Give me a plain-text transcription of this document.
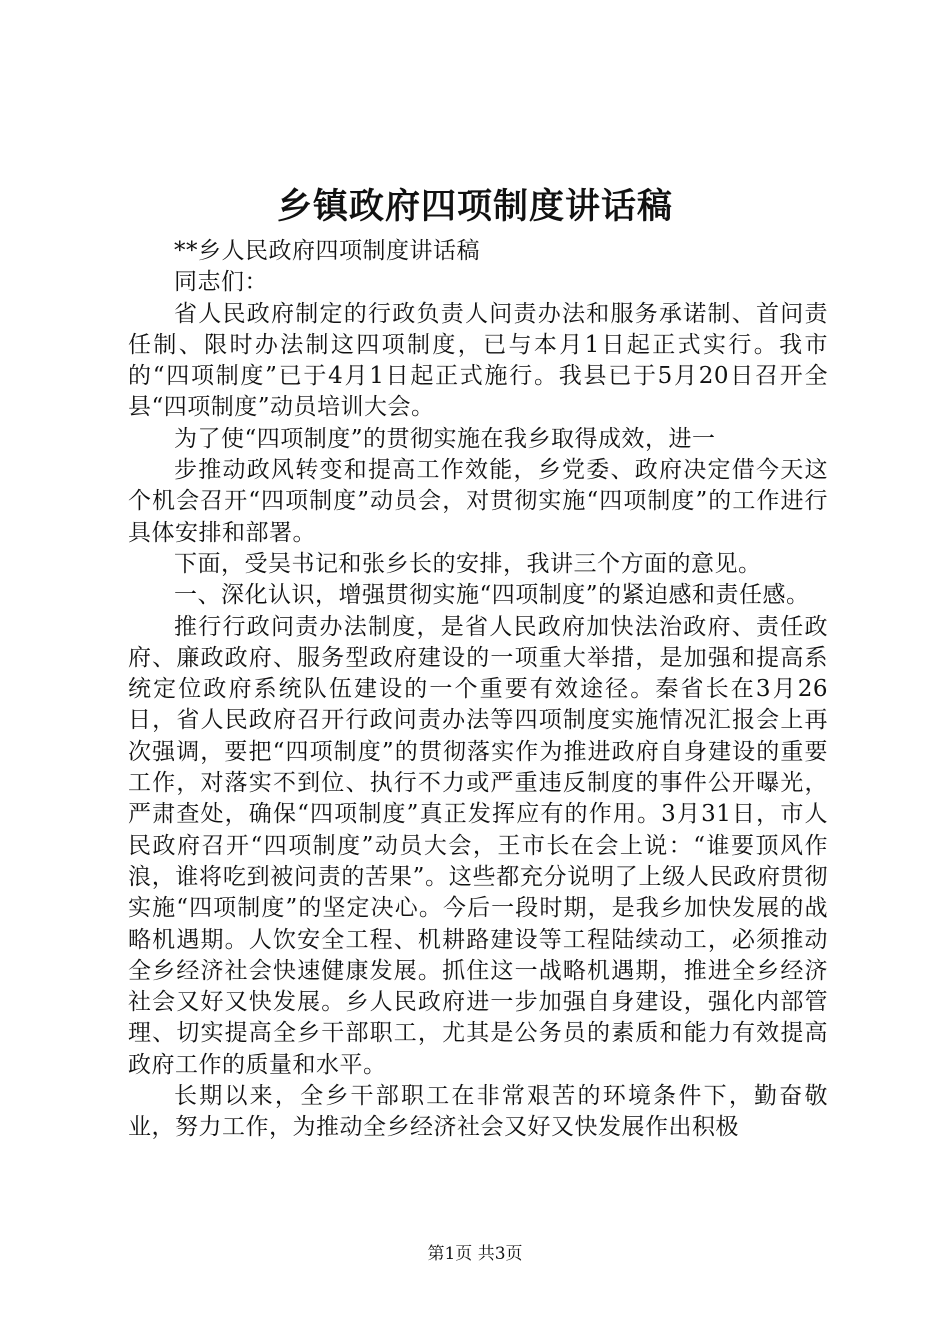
乡镇政府四项制度讲话稿

**乡人民政府四项制度讲话稿

同志们：

省人民政府制定的行政负责人问责办法和服务承诺制、首问责任制、限时办法制这四项制度，已与本月1日起正式实行。我市的“四项制度”已于4月1日起正式施行。我县已于5月20日召开全县“四项制度”动员培训大会。

为了使“四项制度”的贯彻实施在我乡取得成效，进一

步推动政风转变和提高工作效能，乡党委、政府决定借今天这个机会召开“四项制度”动员会，对贯彻实施“四项制度”的工作进行具体安排和部署。

下面，受吴书记和张乡长的安排，我讲三个方面的意见。

一、深化认识，增强贯彻实施“四项制度”的紧迫感和责任感。

推行行政问责办法制度，是省人民政府加快法治政府、责任政府、廉政政府、服务型政府建设的一项重大举措，是加强和提高系统定位政府系统队伍建设的一个重要有效途径。秦省长在3月26日，省人民政府召开行政问责办法等四项制度实施情况汇报会上再次强调，要把“四项制度”的贯彻落实作为推进政府自身建设的重要工作，对落实不到位、执行不力或严重违反制度的事件公开曝光，严肃查处，确保“四项制度”真正发挥应有的作用。3月31日，市人民政府召开“四项制度”动员大会，王市长在会上说：“谁要顶风作浪，谁将吃到被问责的苦果”。这些都充分说明了上级人民政府贯彻实施“四项制度”的坚定决心。今后一段时期，是我乡加快发展的战略机遇期。人饮安全工程、机耕路建设等工程陆续动工，必须推动全乡经济社会快速健康发展。抓住这一战略机遇期，推进全乡经济社会又好又快发展。乡人民政府进一步加强自身建设，强化内部管理、切实提高全乡干部职工，尤其是公务员的素质和能力有效提高政府工作的质量和水平。

长期以来，全乡干部职工在非常艰苦的环境条件下，勤奋敬业，努力工作，为推动全乡经济社会又好又快发展作出积极

第1页 共3页
